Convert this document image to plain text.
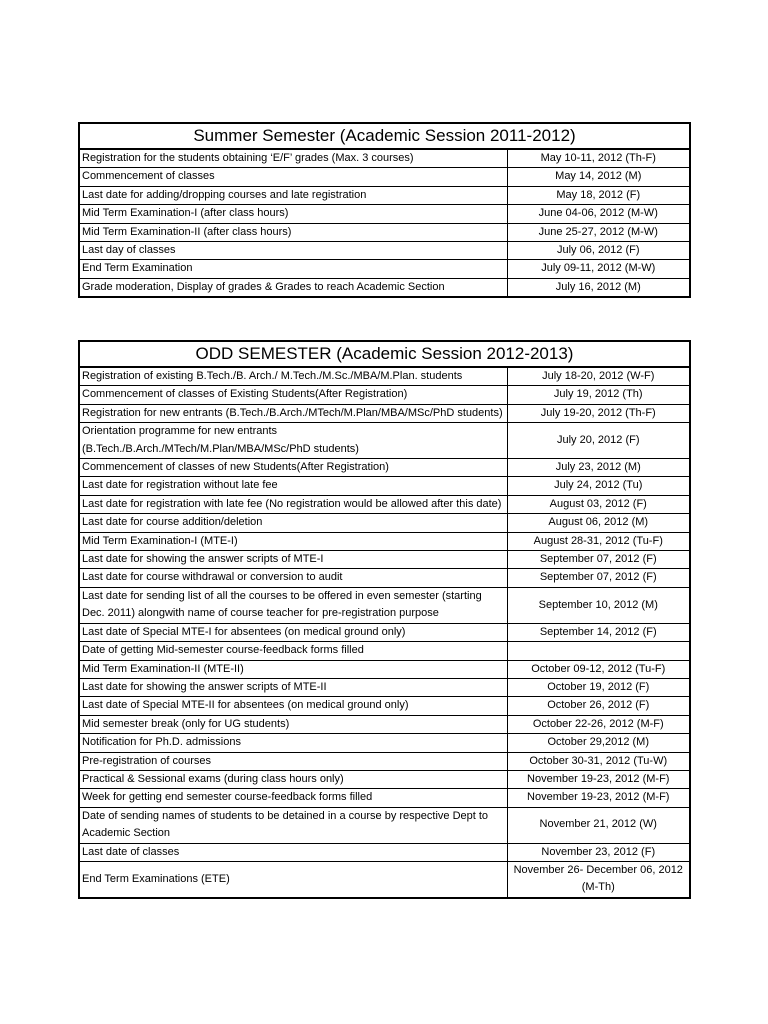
Summer Semester (Academic Session 2011-2012)	
Registration for the students obtaining ‘E/F’ grades (Max. 3 courses)	May 10-11, 2012 (Th-F)
Commencement of classes	May 14, 2012 (M)
Last date for adding/dropping courses and late registration	May 18, 2012 (F)
Mid Term Examination-I (after class hours)	June 04-06, 2012 (M-W)
Mid Term Examination-II (after class hours)	June 25-27, 2012 (M-W)
Last day of classes	July 06, 2012 (F)
End Term Examination	July 09-11, 2012 (M-W)
Grade moderation, Display of grades & Grades to reach Academic Section	July 16, 2012 (M)
ODD SEMESTER (Academic Session 2012-2013)	
Registration of existing B.Tech./B. Arch./ M.Tech./M.Sc./MBA/M.Plan. students	July 18-20, 2012 (W-F)
Commencement of classes of Existing Students(After Registration)	July 19, 2012 (Th)
Registration for new entrants (B.Tech./B.Arch./MTech/M.Plan/MBA/MSc/PhD students)	July 19-20, 2012 (Th-F)
Orientation programme for new entrants (B.Tech./B.Arch./MTech/M.Plan/MBA/MSc/PhD students)	July 20, 2012 (F)
Commencement of classes of new Students(After Registration)	July 23, 2012 (M)
Last date for registration without late fee	July 24, 2012 (Tu)
Last date for registration with late fee (No registration would be allowed after this date)	August 03, 2012 (F)
Last date for course addition/deletion	August 06, 2012 (M)
Mid Term Examination-I (MTE-I)	August 28-31, 2012 (Tu-F)
Last date for showing the answer scripts of MTE-I	September 07, 2012 (F)
Last date for course withdrawal or conversion to audit	September 07, 2012 (F)
Last date for sending list of all the courses to be offered in even semester (starting Dec. 2011) alongwith name of course teacher for pre-registration purpose	September 10, 2012 (M)
Last date of Special MTE-I for absentees (on medical ground only)	September 14, 2012 (F)
Date of getting Mid-semester course-feedback forms filled	
Mid Term Examination-II (MTE-II)	October 09-12, 2012 (Tu-F)
Last date for showing the answer scripts of MTE-II	October 19, 2012 (F)
Last date of Special MTE-II for absentees (on medical ground only)	October 26, 2012 (F)
Mid semester break (only for UG students)	October 22-26, 2012 (M-F)
Notification for Ph.D. admissions	October 29,2012 (M)
Pre-registration of courses	October 30-31, 2012 (Tu-W)
Practical & Sessional exams (during class hours only)	November 19-23, 2012 (M-F)
Week for getting end semester course-feedback forms filled	November 19-23, 2012 (M-F)
Date of sending names of students to be detained in a course by respective Dept to Academic Section	November 21, 2012 (W)
Last date of classes	November 23, 2012 (F)
End Term Examinations (ETE)	November 26- December 06, 2012 (M-Th)
